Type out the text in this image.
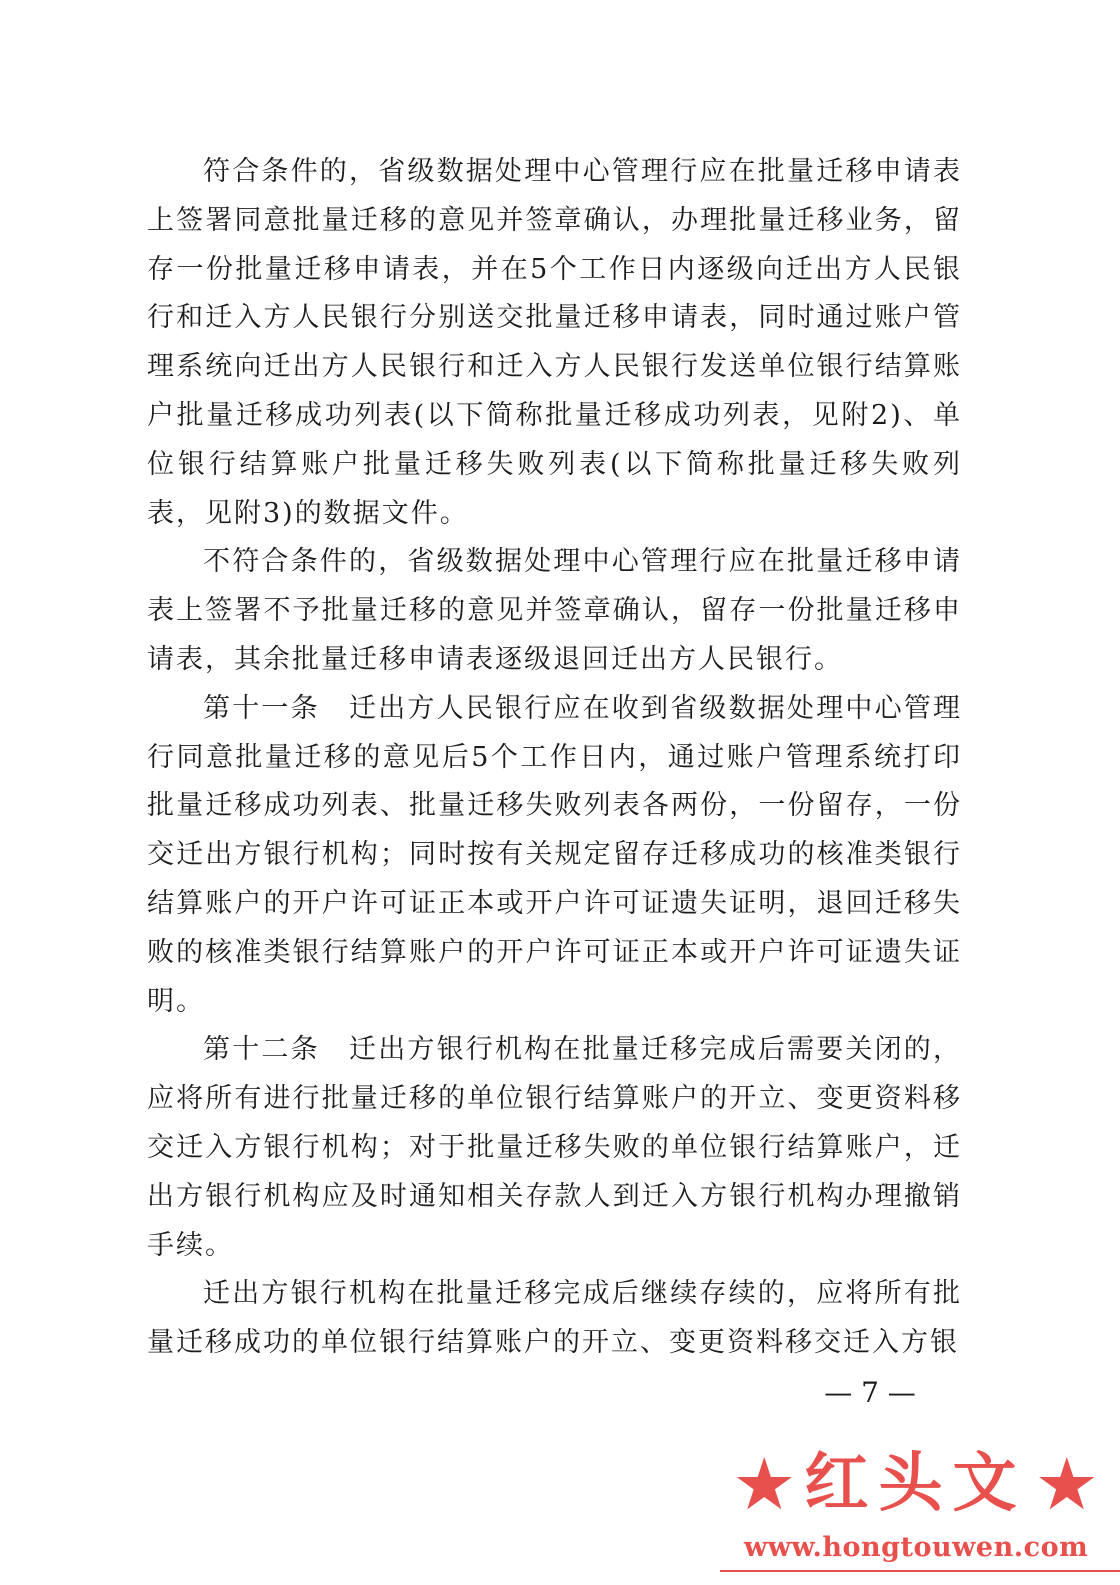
符合条件的，省级数据处理中心管理行应在批量迁移申请表上签署同意批量迁移的意见并签章确认，办理批量迁移业务，留存一份批量迁移申请表，并在5个工作日内逐级向迁出方人民银行和迁入方人民银行分别送交批量迁移申请表，同时通过账户管理系统向迁出方人民银行和迁入方人民银行发送单位银行结算账户批量迁移成功列表(以下简称批量迁移成功列表，见附2)、单位银行结算账户批量迁移失败列表(以下简称批量迁移失败列表，见附3)的数据文件。

不符合条件的，省级数据处理中心管理行应在批量迁移申请表上签署不予批量迁移的意见并签章确认，留存一份批量迁移申请表，其余批量迁移申请表逐级退回迁出方人民银行。

第十一条　迁出方人民银行应在收到省级数据处理中心管理行同意批量迁移的意见后5个工作日内，通过账户管理系统打印批量迁移成功列表、批量迁移失败列表各两份，一份留存，一份交迁出方银行机构；同时按有关规定留存迁移成功的核准类银行结算账户的开户许可证正本或开户许可证遗失证明，退回迁移失败的核准类银行结算账户的开户许可证正本或开户许可证遗失证明。

第十二条　迁出方银行机构在批量迁移完成后需要关闭的，应将所有进行批量迁移的单位银行结算账户的开立、变更资料移交迁入方银行机构；对于批量迁移失败的单位银行结算账户，迁出方银行机构应及时通知相关存款人到迁入方银行机构办理撤销手续。

迁出方银行机构在批量迁移完成后继续存续的，应将所有批量迁移成功的单位银行结算账户的开立、变更资料移交迁入方银

— 7 —
★ 红头文 ★
www.hongtouwen.com
